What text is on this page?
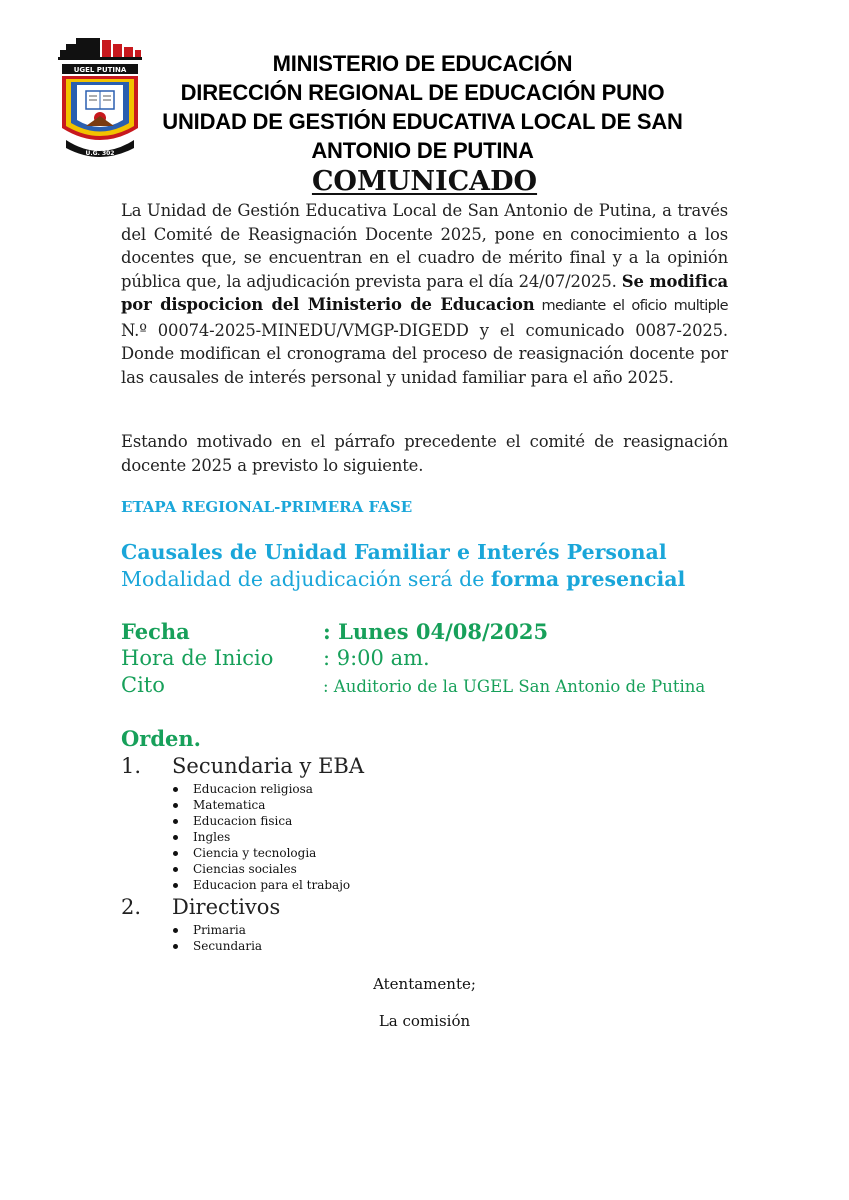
UGEL PUTINA
U.G. 302
MINISTERIO DE EDUCACIÓN
DIRECCIÓN REGIONAL DE EDUCACIÓN PUNO
UNIDAD DE GESTIÓN EDUCATIVA LOCAL DE SAN
ANTONIO DE PUTINA
COMUNICADO
La Unidad de Gestión Educativa Local de San Antonio de Putina, a través del Comité de Reasignación Docente 2025, pone en conocimiento a los docentes que, se encuentran en el cuadro de mérito final y a la opinión pública que, la adjudicación prevista para el día 24/07/2025. Se modifica por dispocicion del Ministerio de Educacion mediante el oficio multiple N.º 00074-2025-MINEDU/VMGP-DIGEDD y el comunicado 0087-2025. Donde modifican el cronograma del proceso de reasignación docente por las causales de interés personal y unidad familiar para el año 2025.
Estando motivado en el párrafo precedente el comité de reasignación docente 2025 a previsto lo siguiente.
ETAPA REGIONAL-PRIMERA FASE
Causales de Unidad Familiar e Interés Personal
Modalidad de adjudicación será de forma presencial
Fecha	: Lunes 04/08/2025
Hora de Inicio : 9:00 am.
Cito	: Auditorio de la UGEL San Antonio de Putina
Orden.
1. Secundaria y EBA
Educacion religiosa
Matematica
Educacion fisica
Ingles
Ciencia y tecnologia
Ciencias sociales
Educacion para el trabajo
2. Directivos
Primaria
Secundaria
Atentamente;
La comisión
